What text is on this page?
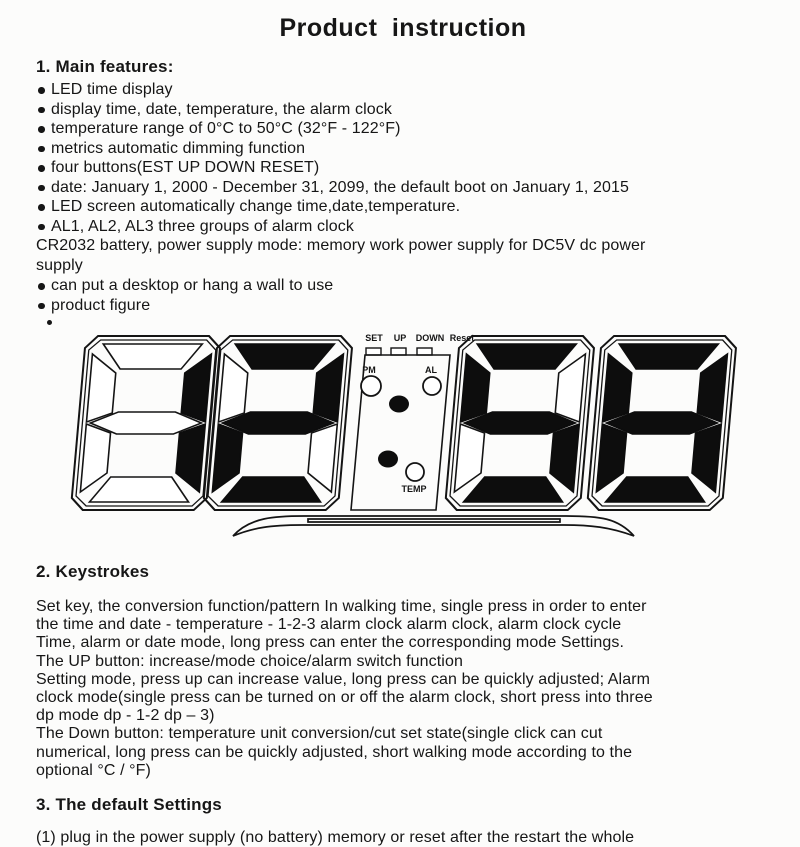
Product instruction
1. Main features:
LED time display
display time, date, temperature, the alarm clock
temperature range of 0°C to 50°C (32°F - 122°F)
metrics automatic dimming function
four buttons(EST UP DOWN RESET)
date: January 1, 2000 - December 31, 2099, the default boot on January 1, 2015
LED screen automatically change time,date,temperature.
AL1, AL2, AL3 three groups of alarm clock
CR2032 battery, power supply mode: memory work power supply for DC5V dc power
supply
can put a desktop or hang a wall to use
product figure
SET UP DOWN Reset
PM	AL
TEMP
2. Keystrokes
Set key, the conversion function/pattern In walking time, single press in order to enter
the time and date - temperature - 1-2-3 alarm clock alarm clock, alarm clock cycle
Time, alarm or date mode, long press can enter the corresponding mode Settings.
The UP button: increase/mode choice/alarm switch function
Setting mode, press up can increase value, long press can be quickly adjusted; Alarm
clock mode(single press can be turned on or off the alarm clock, short press into three
dp mode dp - 1-2 dp – 3)
The Down button: temperature unit conversion/cut set state(single click can cut
numerical, long press can be quickly adjusted, short walking mode according to the
optional °C / °F)
3. The default Settings
(1) plug in the power supply (no battery) memory or reset after the restart the whole
